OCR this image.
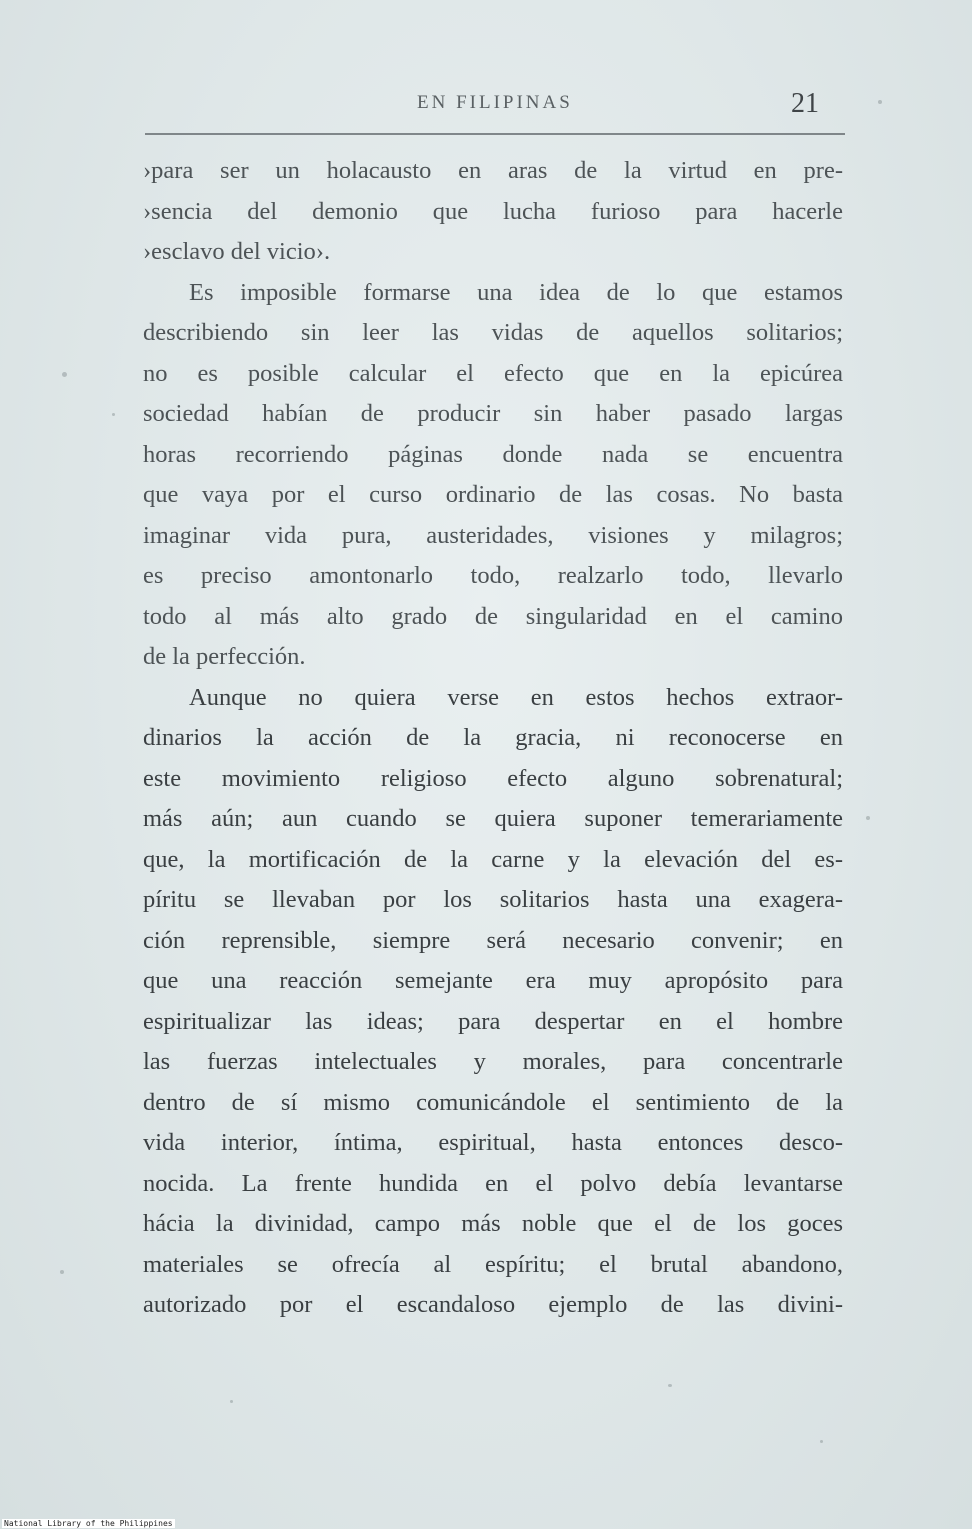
EN FILIPINAS	21
›para ser un holacausto en aras de la virtud en pre-
›sencia del demonio que lucha furioso para hacerle
›esclavo del vicio›.
Es imposible formarse una idea de lo que estamos
describiendo sin leer las vidas de aquellos solitarios;
no es posible calcular el efecto que en la epicúrea
sociedad habían de producir sin haber pasado largas
horas recorriendo páginas donde nada se encuentra
que vaya por el curso ordinario de las cosas. No basta
imaginar vida pura, austeridades, visiones y milagros;
es preciso amontonarlo todo, realzarlo todo, llevarlo
todo al más alto grado de singularidad en el camino
de la perfección.
Aunque no quiera verse en estos hechos extraor-
dinarios la acción de la gracia, ni reconocerse en
este movimiento religioso efecto alguno sobrenatural;
más aún; aun cuando se quiera suponer temerariamente
que, la mortificación de la carne y la elevación del es-
píritu se llevaban por los solitarios hasta una exagera-
ción reprensible, siempre será necesario convenir; en
que una reacción semejante era muy apropósito para
espiritualizar las ideas; para despertar en el hombre
las fuerzas intelectuales y morales, para concentrarle
dentro de sí mismo comunicándole el sentimiento de la
vida interior, íntima, espiritual, hasta entonces desco-
nocida. La frente hundida en el polvo debía levantarse
hácia la divinidad, campo más noble que el de los goces
materiales se ofrecía al espíritu; el brutal abandono,
autorizado por el escandaloso ejemplo de las divini-
National Library of the Philippines
